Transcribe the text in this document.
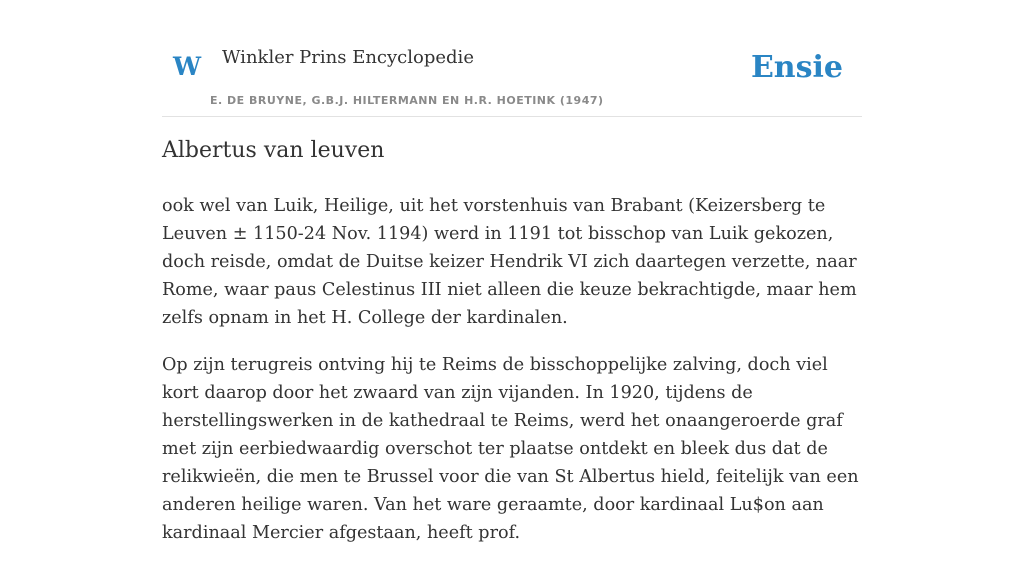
W Winkler Prins Encyclopedie
E. DE BRUYNE, G.B.J. HILTERMANN EN H.R. HOETINK (1947)
Ensie
Albertus van leuven

ook wel van Luik, Heilige, uit het vorstenhuis van Brabant (Keizersberg te Leuven ± 1150-24 Nov. 1194) werd in 1191 tot bisschop van Luik gekozen, doch reisde, omdat de Duitse keizer Hendrik VI zich daartegen verzette, naar Rome, waar paus Celestinus III niet alleen die keuze bekrachtigde, maar hem zelfs opnam in het H. College der kardinalen.

Op zijn terugreis ontving hij te Reims de bisschoppelijke zalving, doch viel kort daarop door het zwaard van zijn vijanden. In 1920, tijdens de herstellingswerken in de kathedraal te Reims, werd het onaangeroerde graf met zijn eerbiedwaardig overschot ter plaatse ontdekt en bleek dus dat de relikwieën, die men te Brussel voor die van St Albertus hield, feitelijk van een anderen heilige waren. Van het ware geraamte, door kardinaal Lu$on aan kardinaal Mercier afgestaan, heeft prof.
